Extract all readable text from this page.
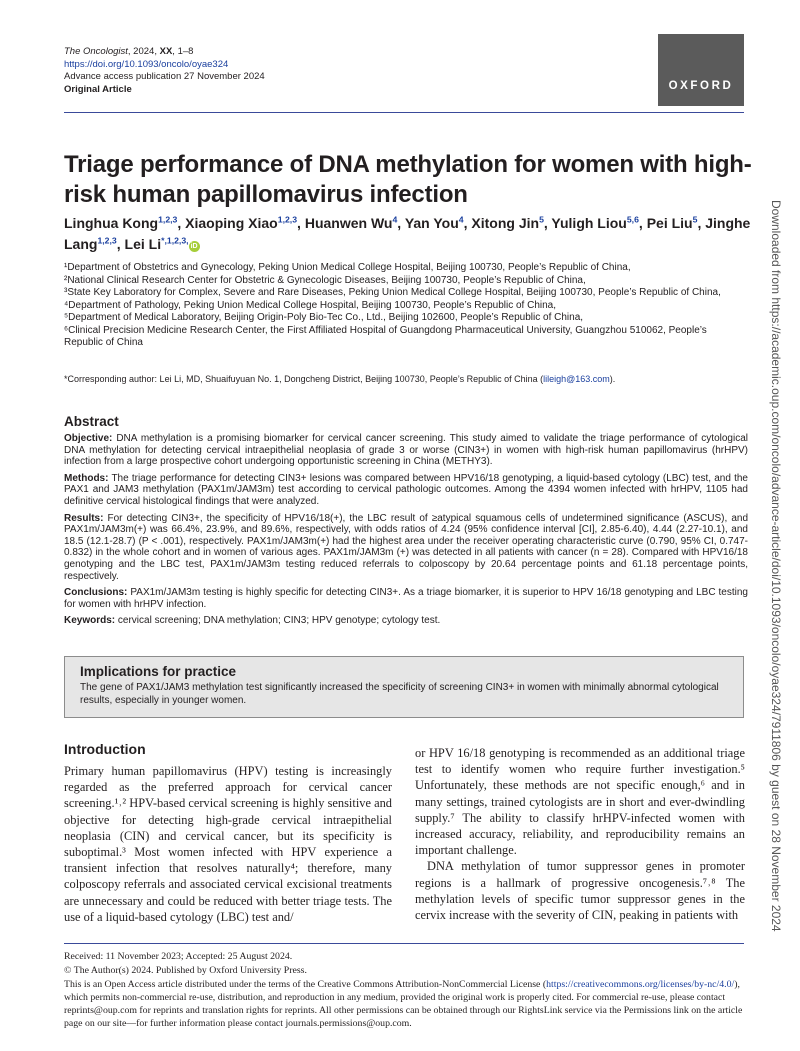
The Oncologist, 2024, XX, 1–8
https://doi.org/10.1093/oncolo/oyae324
Advance access publication 27 November 2024
Original Article	OXFORD
Triage performance of DNA methylation for women with high-risk human papillomavirus infection
Linghua Kong$^{1,2,3}$, Xiaoping Xiao$^{1,2,3}$, Huanwen Wu$^4$, Yan You$^4$, Xitong Jin$^5$, Yuligh Liou$^{5,6}$, Pei Liu$^5$, Jinghe Lang$^{1,2,3}$, Lei $Li^{*,1,2,3,}iD$

¹Department of Obstetrics and Gynecology, Peking Union Medical College Hospital, Beijing 100730, People’s Republic of China,

²National Clinical Research Center for Obstetric & Gynecologic Diseases, Beijing 100730, People’s Republic of China,

³State Key Laboratory for Complex, Severe and Rare Diseases, Peking Union Medical College Hospital, Beijing 100730, People’s Republic of China,

⁴Department of Pathology, Peking Union Medical College Hospital, Beijing 100730, People’s Republic of China,

⁵Department of Medical Laboratory, Beijing Origin-Poly Bio-Tec Co., Ltd., Beijing 102600, People’s Republic of China,

⁶Clinical Precision Medicine Research Center, the First Affiliated Hospital of Guangdong Pharmaceutical University, Guangzhou 510062, People’s Republic of China

*Corresponding author: Lei Li, MD, Shuaifuyuan No. 1, Dongcheng District, Beijing 100730, People’s Republic of China (lileigh@163.com).
Abstract

Objective: DNA methylation is a promising biomarker for cervical cancer screening. This study aimed to validate the triage performance of cytological DNA methylation for detecting cervical intraepithelial neoplasia of grade 3 or worse (CIN3+) in women with high-risk human papillomavirus (hrHPV) infection from a large prospective cohort undergoing opportunistic screening in China (METHY3).

Methods: The triage performance for detecting CIN3+ lesions was compared between HPV16/18 genotyping, a liquid-based cytology (LBC) test, and the PAX1 and JAM3 methylation (PAX1m/JAM3m) test according to cervical pathologic outcomes. Among the 4394 women infected with hrHPV, 1105 had definitive cervical histological findings that were analyzed.

Results: For detecting CIN3+, the specificity of HPV16/18(+), the LBC result of ≥atypical squamous cells of undetermined significance (ASCUS), and PAX1m/JAM3m(+) was 66.4%, 23.9%, and 89.6%, respectively, with odds ratios of 4.24 (95% confidence interval [CI], 2.85-6.40), 4.44 (2.27-10.1), and 18.5 (12.1-28.7) (P < .001), respectively. PAX1m/JAM3m(+) had the highest area under the receiver operating characteristic curve (0.790, 95% CI, 0.747-0.832) in the whole cohort and in women of various ages. PAX1m/JAM3m (+) was detected in all patients with cancer (n = 28). Compared with HPV16/18 genotyping and the LBC test, PAX1m/JAM3m testing reduced referrals to colposcopy by 20.64 percentage points and 61.18 percentage points, respectively.

Conclusions: PAX1m/JAM3m testing is highly specific for detecting CIN3+. As a triage biomarker, it is superior to HPV 16/18 genotyping and LBC testing for women with hrHPV infection.

Keywords: cervical screening; DNA methylation; CIN3; HPV genotype; cytology test.

Implications for practice

The gene of PAX1/JAM3 methylation test significantly increased the specificity of screening CIN3+ in women with minimally abnormal cytological results, especially in younger women.

Introduction

Primary human papillomavirus (HPV) testing is increasingly regarded as the preferred approach for cervical cancer screening.¹˒² HPV-based cervical screening is highly sensitive and objective for detecting high-grade cervical intraepithelial neoplasia (CIN) and cervical cancer, but its specificity is suboptimal.³ Most women infected with HPV experience a transient infection that resolves naturally⁴; therefore, many colposcopy referrals and associated cervical excisional treatments are unnecessary and could be reduced with better triage tests. The use of a liquid-based cytology (LBC) test and/

or HPV 16/18 genotyping is recommended as an additional triage test to identify women who require further investigation.⁵ Unfortunately, these methods are not specific enough,⁶ and in many settings, trained cytologists are in short and ever-dwindling supply.⁷ The ability to classify hrHPV-infected women with increased accuracy, reliability, and reproducibility remains an important challenge.

DNA methylation of tumor suppressor genes in promoter regions is a hallmark of progressive oncogenesis.⁷˒⁸ The methylation levels of specific tumor suppressor genes in the cervix increase with the severity of CIN, peaking in patients with

Received: 11 November 2023; Accepted: 25 August 2024.

© The Author(s) 2024. Published by Oxford University Press.

This is an Open Access article distributed under the terms of the Creative Commons Attribution-NonCommercial License (https://creativecommons.org/licenses/by-nc/4.0/), which permits non-commercial re-use, distribution, and reproduction in any medium, provided the original work is properly cited. For commercial re-use, please contact reprints@oup.com for reprints and translation rights for reprints. All other permissions can be obtained through our RightsLink service via the Permissions link on the article page on our site—for further information please contact journals.permissions@oup.com.

Downloaded from https://academic.oup.com/oncolo/advance-article/doi/10.1093/oncolo/oyae324/7911806 by guest on 28 November 2024
